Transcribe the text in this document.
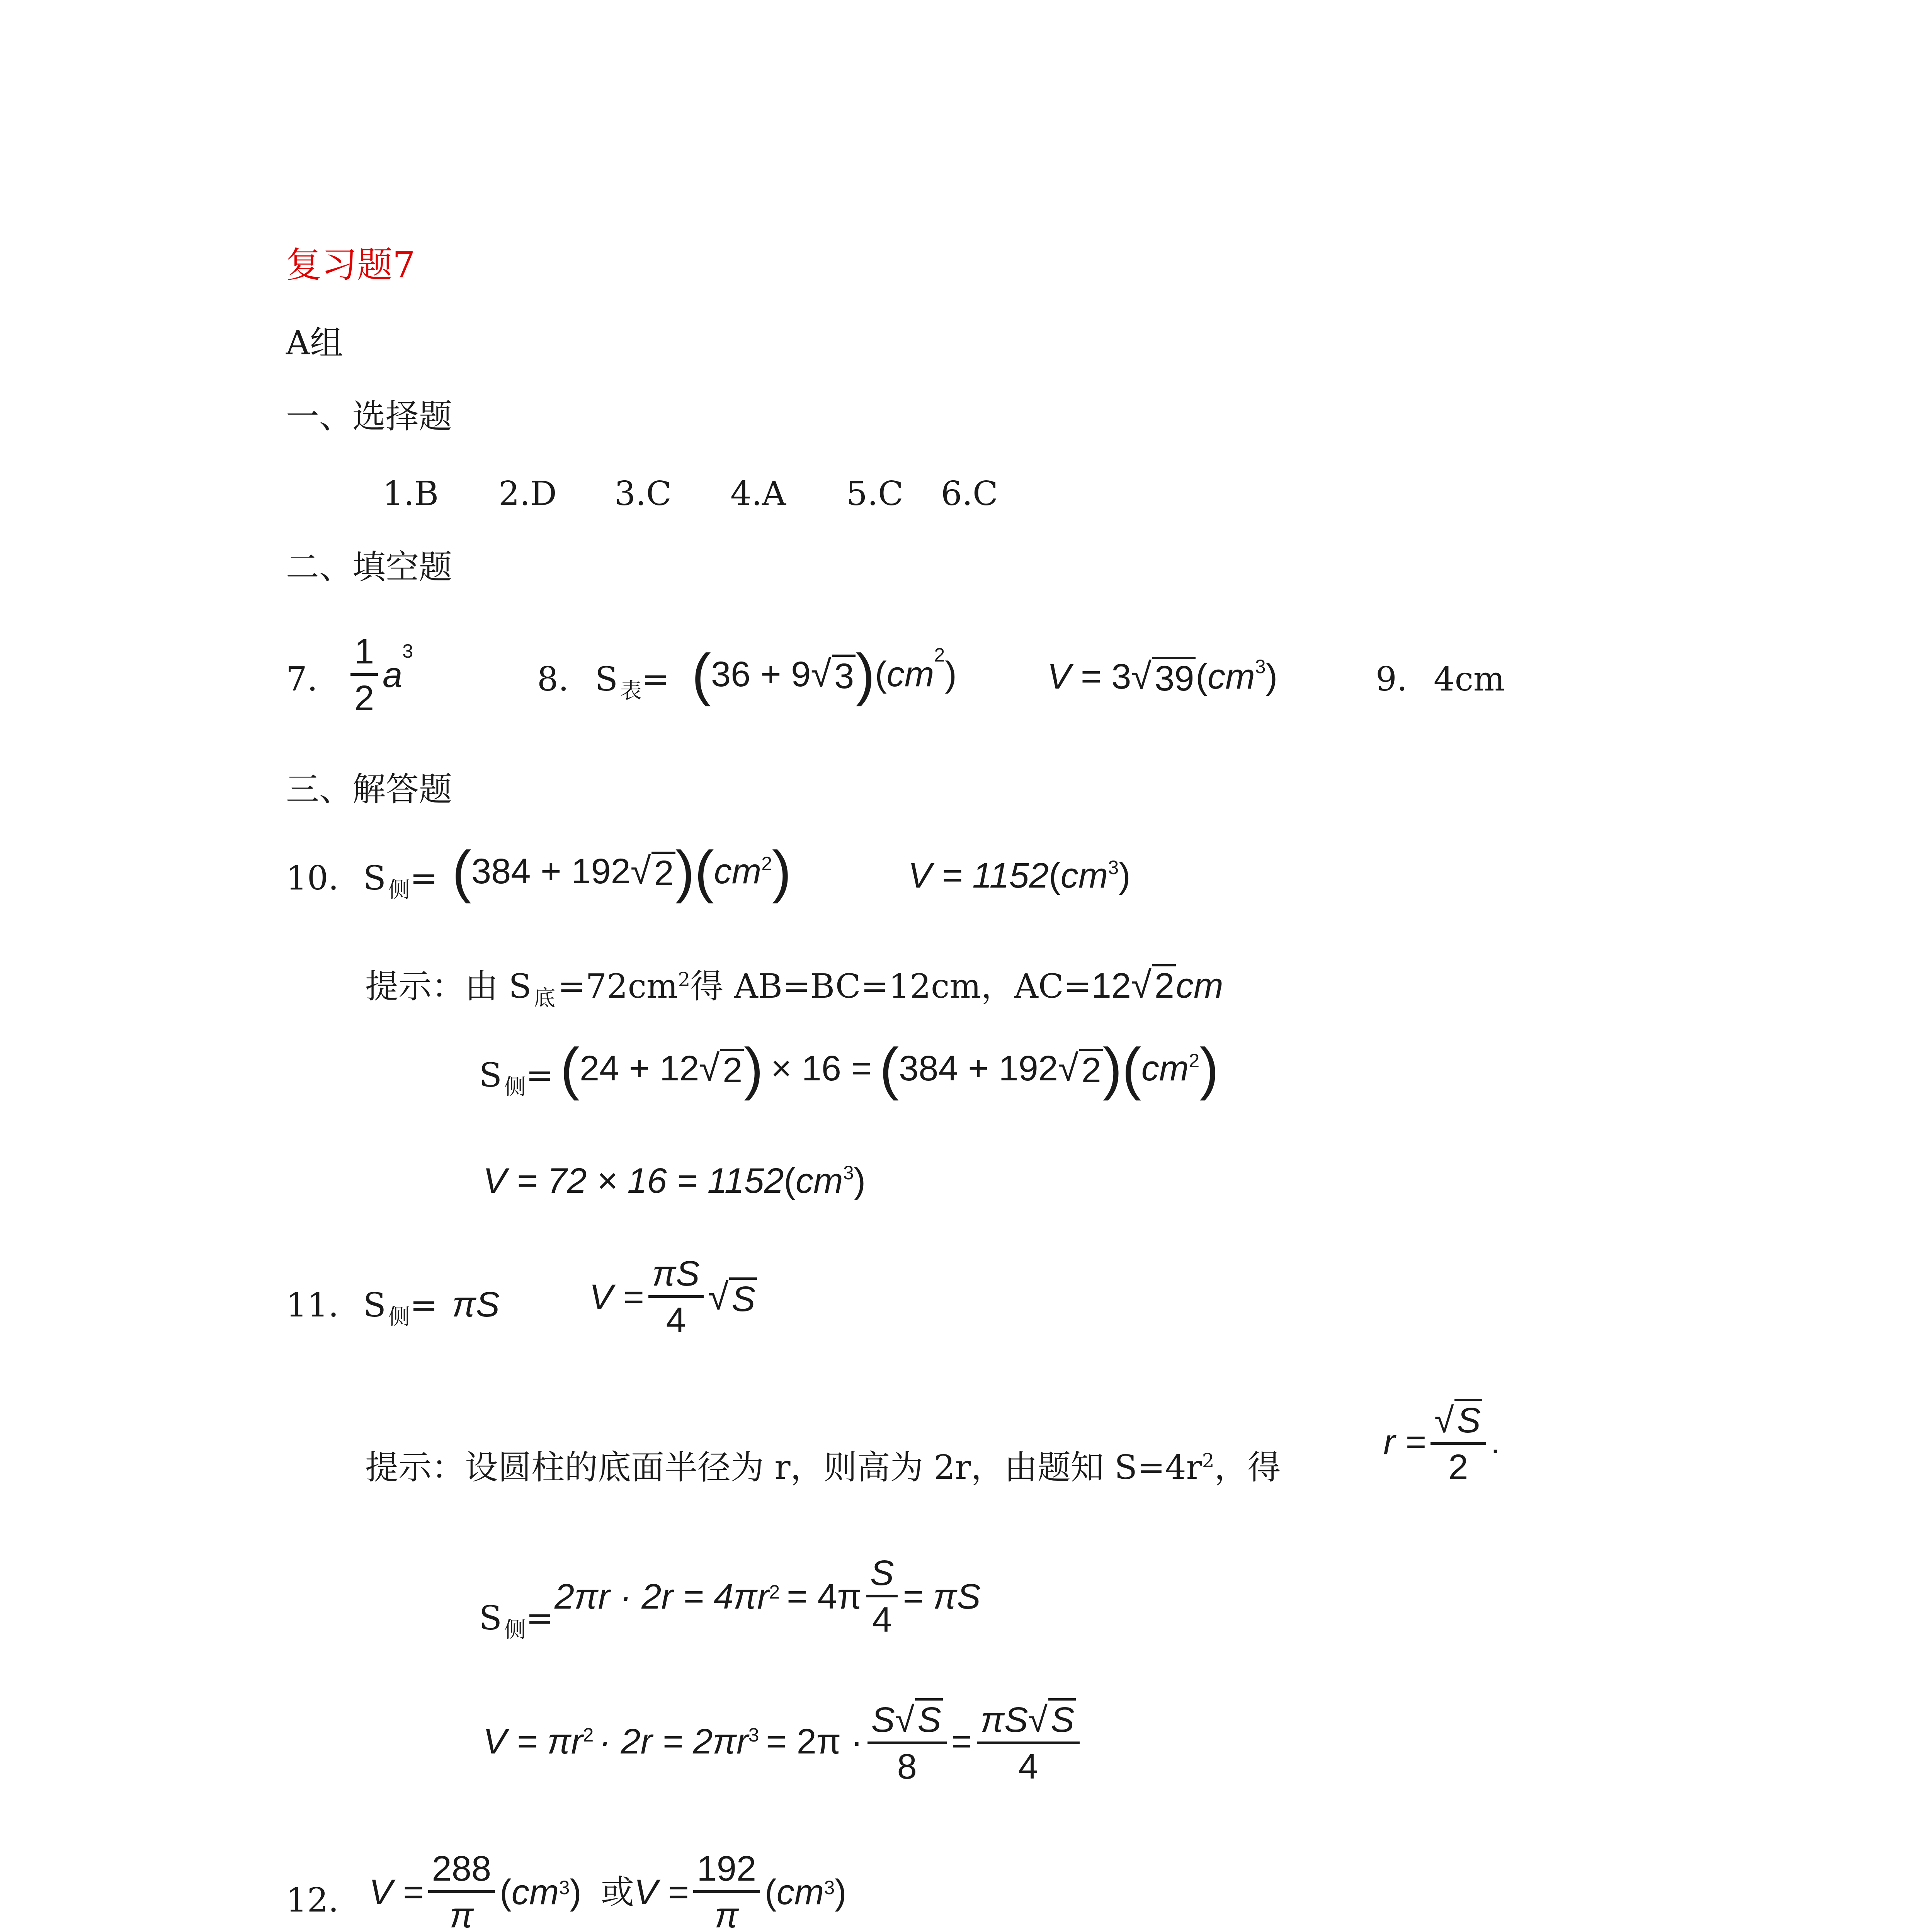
复习题7
A组
一、选择题
1.B	2.D	3.C	4.A	5.C	6.C
二、填空题
7. $\frac{1}{2}$ a
$^3$
8. S $_表$= ( 36 + 9 √ 3 ) ( $cm^2$ )	V
= 3 √ 39 ( $cm^3$ )	9. 4cm
三、解答题
10. S $_侧$= ( 384 + 192 √ 2 ) ( $cm^2$ )	V = 1152 ( $cm^3$ )
提示：由 S 底 $=72cm^2$ 得 AB=BC=12cm，AC= 12 √ 2 cm
S $_侧$= ( 24 + 12 √ 2 ) × 16 = ( 384 + 192 √ 2 ) ( $cm^2$ )
V = 72 × 16 = 1152 ( $cm^3$ )
11. S $_侧$= πS	$V = \frac{\pi S}{4}$ √ S
提示：设圆柱的底面半径为 r，则高为 2r，由题知 $S=4r^2$ ，得
$r = \frac{√S}{2}$ .
S $_侧$=
2πr · 2r = 4πr $2 = 4\pi \frac{S}{4} = \pi S$
V = πr 2 · 2r = 2πr $3 = 2\pi \cdot \frac{S√S}{8} = \frac{\pi S√S}{4}$
12. $V = \frac{288}{\pi}$ ( cm 3 ) 或 $V = \frac{192}{\pi}$ ( cm 3 )
